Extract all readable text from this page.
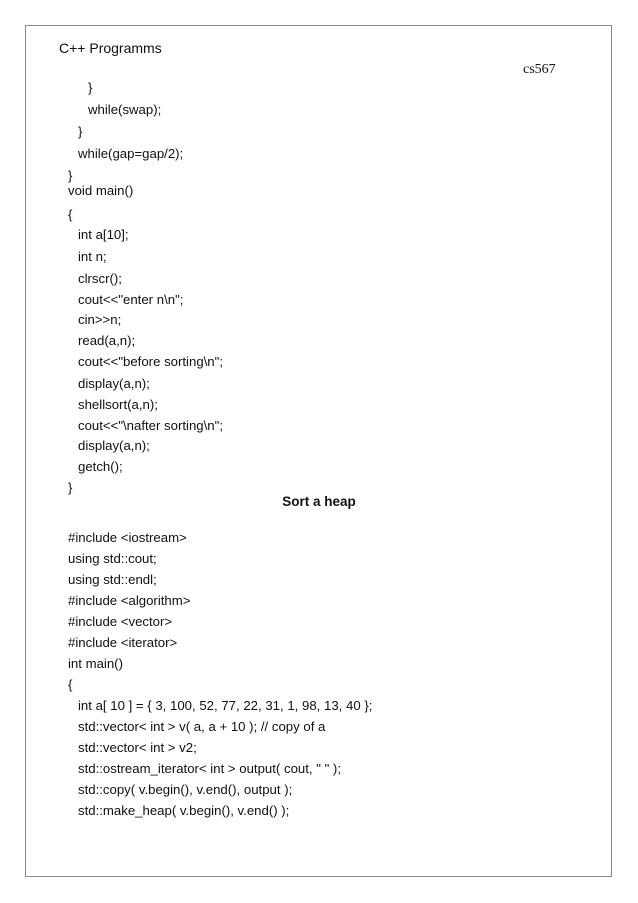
C++ Programms
cs567
}
while(swap);
}
while(gap=gap/2);
}
void main()
{
int a[10];
int n;
clrscr();
cout<<"enter n\n";
cin>>n;
read(a,n);
cout<<"before sorting\n";
display(a,n);
shellsort(a,n);
cout<<"\nafter sorting\n";
display(a,n);
getch();
}
Sort a heap
#include <iostream>
using std::cout;
using std::endl;
#include <algorithm>
#include <vector>
#include <iterator>
int main()
{
int a[ 10 ] = { 3, 100, 52, 77, 22, 31, 1, 98, 13, 40 };
std::vector< int > v( a, a + 10 ); // copy of a
std::vector< int > v2;
std::ostream_iterator< int > output( cout, " " );
std::copy( v.begin(), v.end(), output );
std::make_heap( v.begin(), v.end() );
